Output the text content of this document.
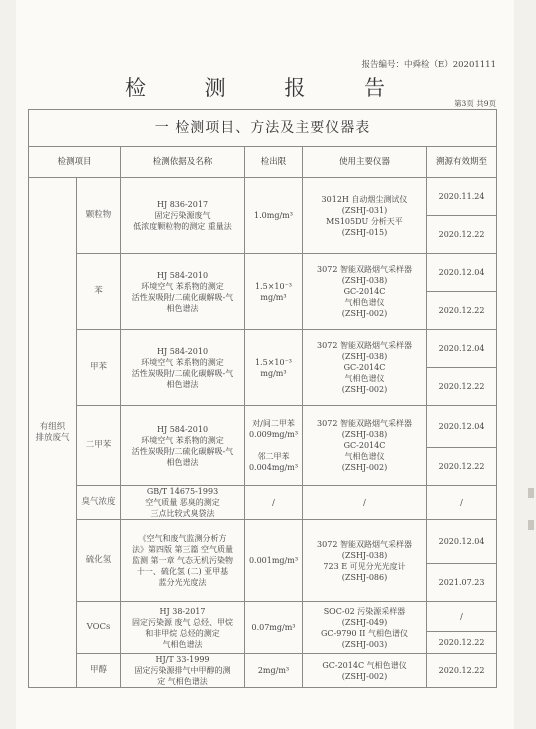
报告编号：中舜检（E）20201111
检 测 报 告
第3页 共9页
一 检测项目、方法及主要仪器表					
检测项目		检测依据及名称	检出限	使用主要仪器	溯源有效期至
有组织
排放废气	颗粒物	HJ 836-2017
固定污染源废气
低浓度颗粒物的测定 重量法	1.0mg/m³	3012H 自动烟尘测试仪
(ZSHJ-031)
MS105DU 分析天平
(ZSHJ-015)	2020.11.24
					2020.12.22
	苯	HJ 584-2010
环境空气 苯系物的测定
活性炭吸附/二硫化碳解吸-气
相色谱法	1.5×10⁻³
mg/m³	3072 智能双路烟气采样器
(ZSHJ-038)
GC-2014C
气相色谱仪
(ZSHJ-002)	2020.12.04
					2020.12.22
	甲苯	HJ 584-2010
环境空气 苯系物的测定
活性炭吸附/二硫化碳解吸-气
相色谱法	1.5×10⁻³
mg/m³	3072 智能双路烟气采样器
(ZSHJ-038)
GC-2014C
气相色谱仪
(ZSHJ-002)	2020.12.04
					2020.12.22
	二甲苯	HJ 584-2010
环境空气 苯系物的测定
活性炭吸附/二硫化碳解吸-气
相色谱法	对/间二甲苯
0.009mg/m³

邻二甲苯
0.004mg/m³	3072 智能双路烟气采样器
(ZSHJ-038)
GC-2014C
气相色谱仪
(ZSHJ-002)	2020.12.04
					2020.12.22
	臭气浓度	GB/T 14675-1993
空气质量 恶臭的测定
三点比较式臭袋法	/	/	/
	硫化氢	《空气和废气监测分析方
法》第四版 第三篇 空气质量
监测 第一章 气态无机污染物
十一、硫化氢 (二) 亚甲基
蓝分光光度法	0.001mg/m³	3072 智能双路烟气采样器
(ZSHJ-038)
723 E 可见分光光度计
(ZSHJ-086)	2020.12.04
					2021.07.23
	VOCs	HJ 38-2017
固定污染源 废气 总烃、甲烷
和非甲烷 总烃的测定
气相色谱法	0.07mg/m³	SOC-02 污染源采样器
(ZSHJ-049)
GC-9790 II 气相色谱仪
(ZSHJ-003)	/
					2020.12.22
	甲醇	HJ/T 33-1999
固定污染源排气中甲醇的测
定 气相色谱法	2mg/m³	GC-2014C 气相色谱仪
(ZSHJ-002)	2020.12.22
